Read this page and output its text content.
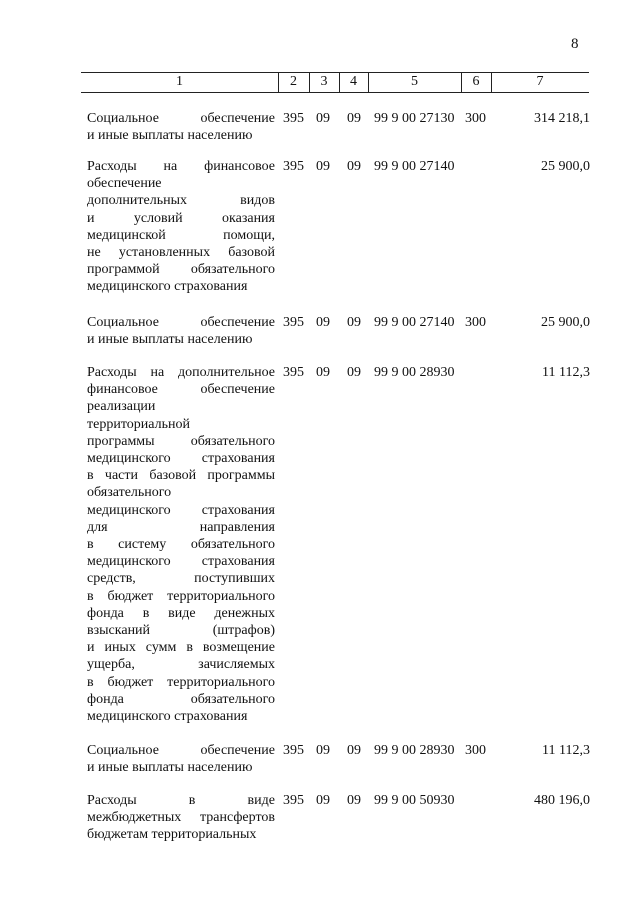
8
1	2	3	4	5	6	7
Социальное обеспечение
и иные выплаты населению
395 09 09 99 9 00 27130 300	314 218,1
Расходы на финансовое
обеспечение
дополнительных видов
и условий оказания
медицинской помощи,
не установленных базовой
программой обязательного
медицинского страхования
395 09 09 99 9 00 27140	25 900,0
Социальное обеспечение
и иные выплаты населению
395 09 09 99 9 00 27140 300	25 900,0
Расходы на дополнительное
финансовое обеспечение
реализации
территориальной
программы обязательного
медицинского страхования
в части базовой программы
обязательного
медицинского страхования
для направления
в систему обязательного
медицинского страхования
средств, поступивших
в бюджет территориального
фонда в виде денежных
взысканий (штрафов)
и иных сумм в возмещение
ущерба, зачисляемых
в бюджет территориального
фонда обязательного
медицинского страхования
395 09 09 99 9 00 28930	11 112,3
Социальное обеспечение
и иные выплаты населению
395 09 09 99 9 00 28930 300	11 112,3
Расходы в виде
межбюджетных трансфертов
бюджетам территориальных
395 09 09 99 9 00 50930	480 196,0
